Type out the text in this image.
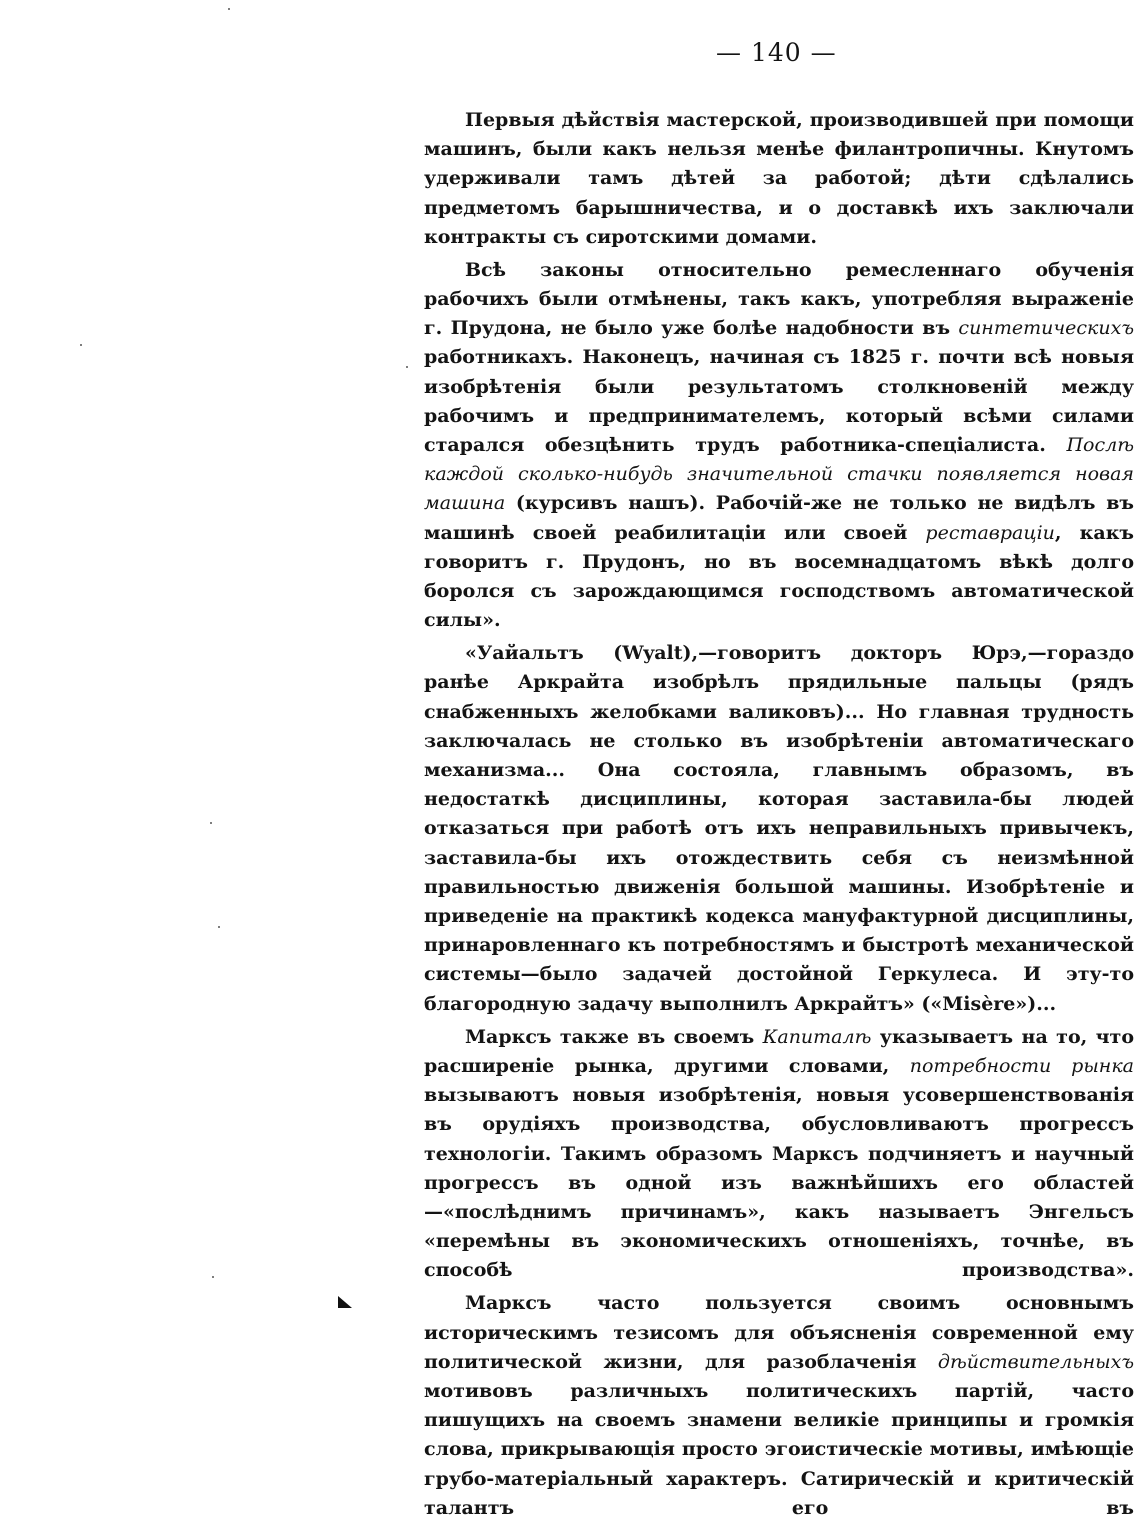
— 140 —

Первыя дѣйствія мастерской, производившей при помощи машинъ, были какъ нельзя менѣе филантропичны. Кнутомъ удерживали тамъ дѣтей за работой; дѣти сдѣлались предметомъ барышничества, и о доставкѣ ихъ заключали контракты съ сиротскими домами.

Всѣ законы относительно ремесленнаго обученія рабочихъ были отмѣнены, такъ какъ, употребляя выраженіе г. Прудона, не было уже болѣе надобности въ синтетическихъ работникахъ. Наконецъ, начиная съ 1825 г. почти всѣ новыя изобрѣтенія были результатомъ столкновеній между рабочимъ и предпринимателемъ, который всѣми силами старался обезцѣнить трудъ работника-спеціалиста. Послѣ каждой сколько-нибудь значительной стачки появляется новая машина (курсивъ нашъ). Рабочій-же не только не видѣлъ въ машинѣ своей реабилитаціи или своей реставраціи, какъ говоритъ г. Прудонъ, но въ восемнадцатомъ вѣкѣ долго боролся съ зарождающимся господствомъ автоматической силы».

«Уайальтъ (Wyalt),—говоритъ докторъ Юрэ,—гораздо ранѣе Аркрайта изобрѣлъ прядильные пальцы (рядъ снабженныхъ желобками валиковъ)... Но главная трудность заключалась не столько въ изобрѣтеніи автоматическаго механизма... Она состояла, главнымъ образомъ, въ недостаткѣ дисциплины, которая заставила-бы людей отказаться при работѣ отъ ихъ неправильныхъ привычекъ, заставила-бы ихъ отождествить себя съ неизмѣнной правильностью движенія большой машины. Изобрѣтеніе и приведеніе на практикѣ кодекса мануфактурной дисциплины, принаровленнаго къ потребностямъ и быстротѣ механической системы—было задачей достойной Геркулеса. И эту-то благородную задачу выполнилъ Аркрайтъ» («Misère»)...

Марксъ также въ своемъ Капиталѣ указываетъ на то, что расширеніе рынка, другими словами, потребности рынка вызываютъ новыя изобрѣтенія, новыя усовершенствованія въ орудіяхъ производства, обусловливаютъ прогрессъ технологіи. Такимъ образомъ Марксъ подчиняетъ и научный прогрессъ въ одной изъ важнѣйшихъ его областей—«послѣднимъ причинамъ», какъ называетъ Энгельсъ «перемѣны въ экономическихъ отношеніяхъ, точнѣе, въ способѣ производства».

Марксъ часто пользуется своимъ основнымъ историческимъ тезисомъ для объясненія современной ему политической жизни, для разоблаченія дѣйствительныхъ мотивовъ различныхъ политическихъ партій, часто пишущихъ на своемъ знамени великіе принципы и громкія слова, прикрывающія просто эгоистическіе мотивы, имѣющіе грубо-матеріальный характеръ. Сатирическій и критическій талантъ его въ
